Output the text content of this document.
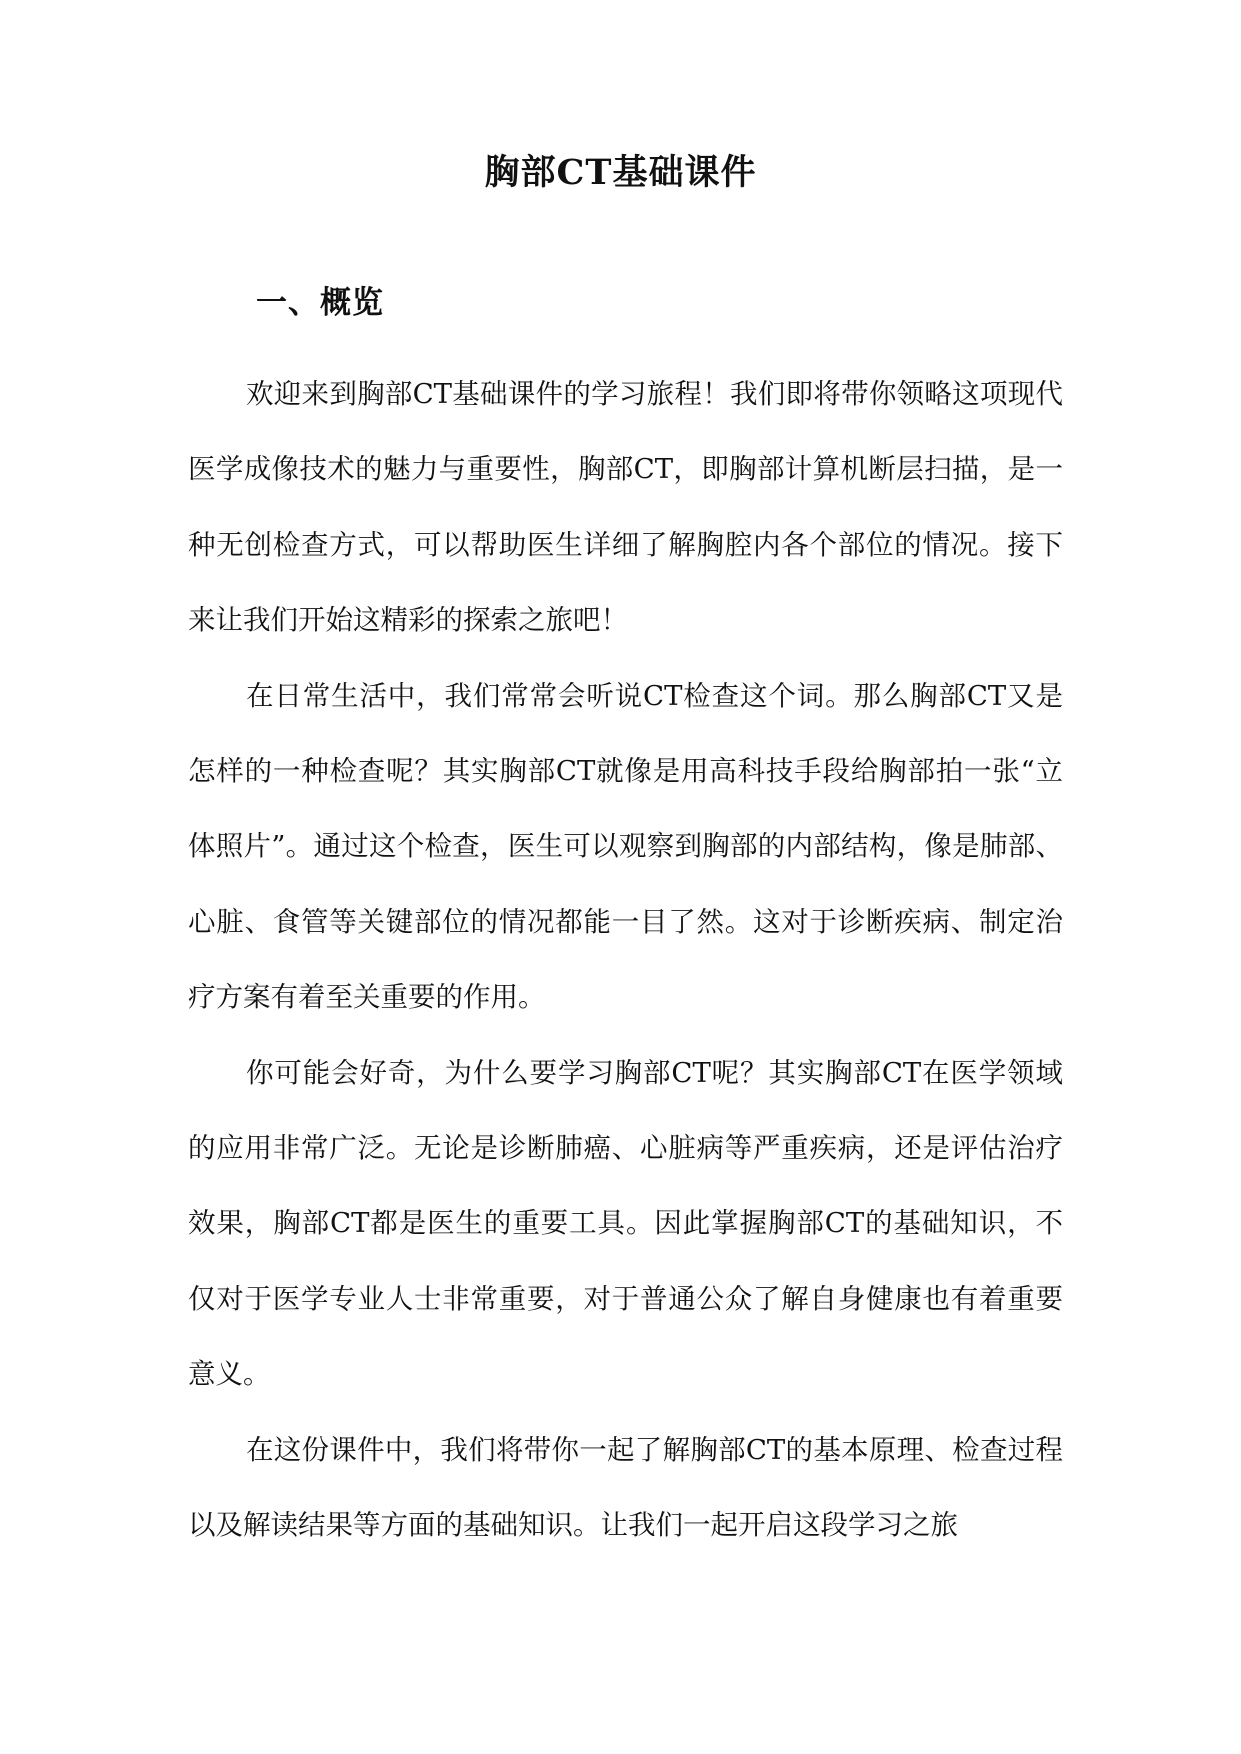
胸部CT基础课件
一、概览

欢迎来到胸部CT基础课件的学习旅程！我们即将带你领略这项现代医学成像技术的魅力与重要性，胸部CT，即胸部计算机断层扫描，是一种无创检查方式，可以帮助医生详细了解胸腔内各个部位的情况。接下来让我们开始这精彩的探索之旅吧！

在日常生活中，我们常常会听说CT检查这个词。那么胸部CT又是怎样的一种检查呢？其实胸部CT就像是用高科技手段给胸部拍一张“立体照片”。通过这个检查，医生可以观察到胸部的内部结构，像是肺部、心脏、食管等关键部位的情况都能一目了然。这对于诊断疾病、制定治疗方案有着至关重要的作用。

你可能会好奇，为什么要学习胸部CT呢？其实胸部CT在医学领域的应用非常广泛。无论是诊断肺癌、心脏病等严重疾病，还是评估治疗效果，胸部CT都是医生的重要工具。因此掌握胸部CT的基础知识，不仅对于医学专业人士非常重要，对于普通公众了解自身健康也有着重要意义。

在这份课件中，我们将带你一起了解胸部CT的基本原理、检查过程以及解读结果等方面的基础知识。让我们一起开启这段学习之旅
